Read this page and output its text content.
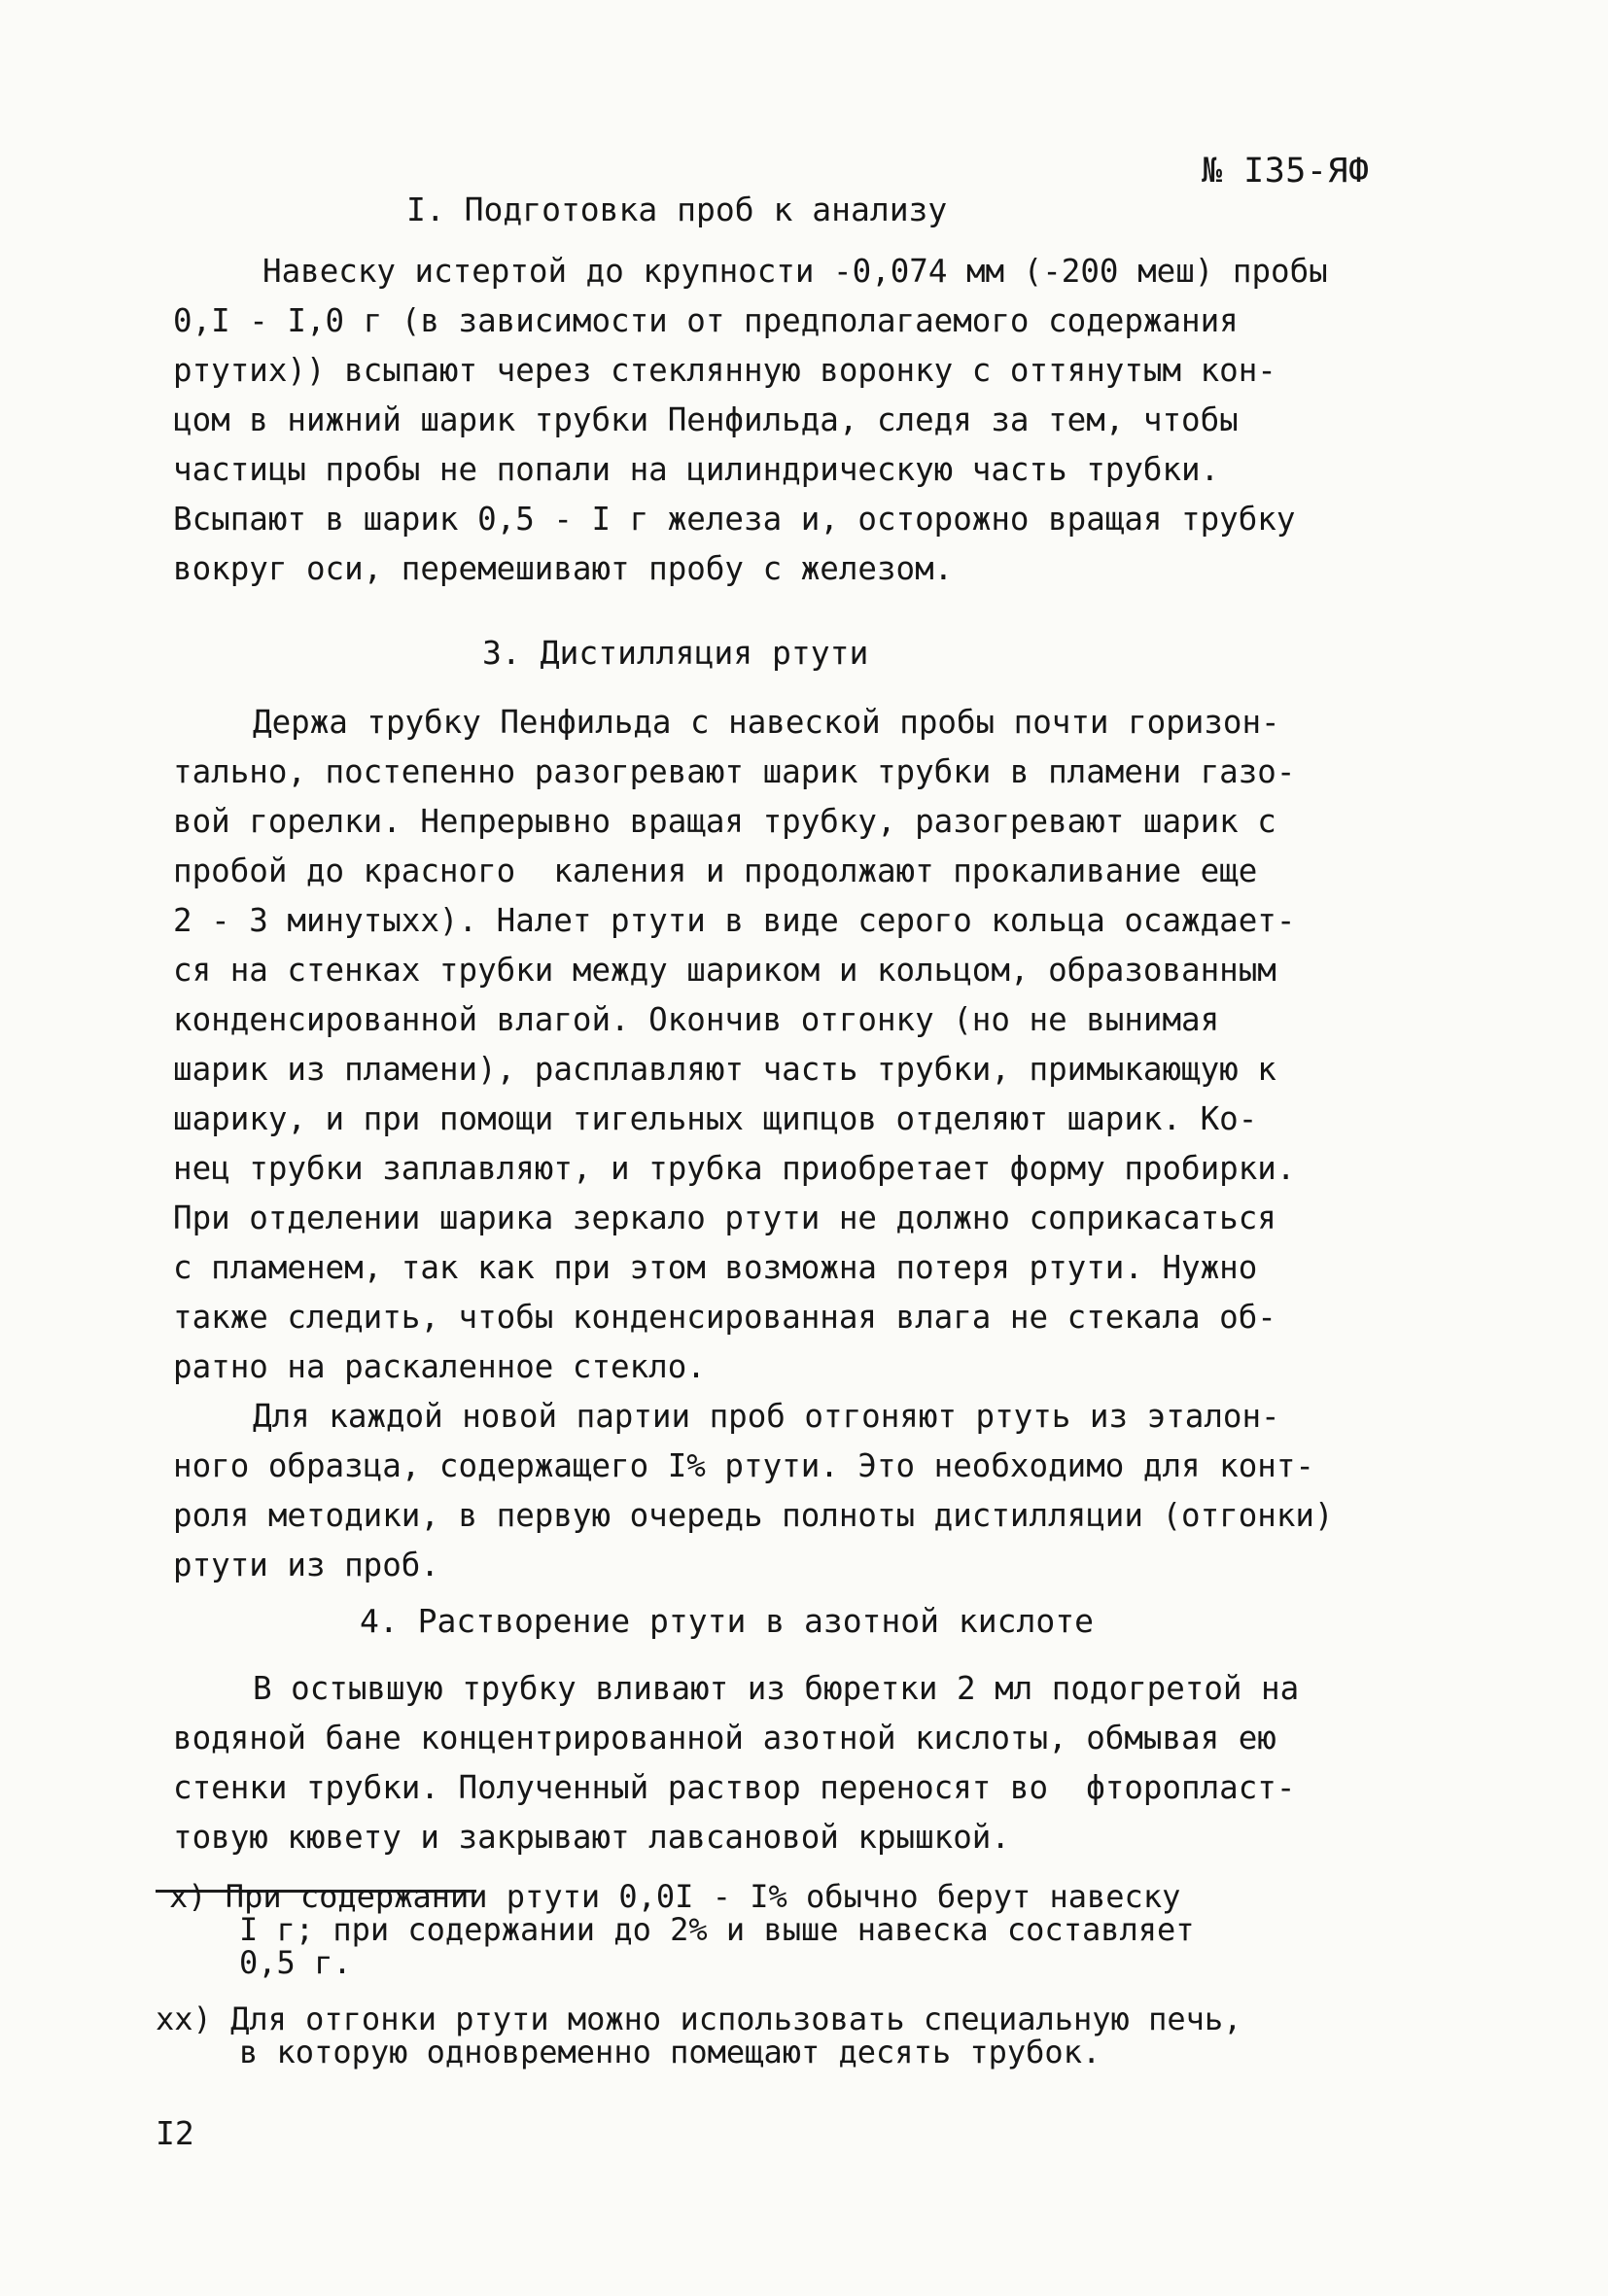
№ I35-ЯФ
I. Подготовка проб к анализу
Навеску истертой до крупности -0,074 мм (-200 меш) пробы
0,I - I,0 г (в зависимости от предполагаемого содержания
ртутиx)) всыпают через стеклянную воронку с оттянутым кон-
цом в нижний шарик трубки Пенфильда, следя за тем, чтобы
частицы пробы не попали на цилиндрическую часть трубки.
Всыпают в шарик 0,5 - I г железа и, осторожно вращая трубку
вокруг оси, перемешивают пробу с железом.
3. Дистилляция ртути
Держа трубку Пенфильда с навеской пробы почти горизон-
тально, постепенно разогревают шарик трубки в пламени газо-
вой горелки. Непрерывно вращая трубку, разогревают шарик с
пробой до красного  каления и продолжают прокаливание еще
2 - 3 минутыxx). Налет ртути в виде серого кольца осаждает-
ся на стенках трубки между шариком и кольцом, образованным
конденсированной влагой. Окончив отгонку (но не вынимая
шарик из пламени), расплавляют часть трубки, примыкающую к
шарику, и при помощи тигельных щипцов отделяют шарик. Ко-
нец трубки заплавляют, и трубка приобретает форму пробирки.
При отделении шарика зеркало ртути не должно соприкасаться
с пламенем, так как при этом возможна потеря ртути. Нужно
также следить, чтобы конденсированная влага не стекала об-
ратно на раскаленное стекло.
Для каждой новой партии проб отгоняют ртуть из эталон-
ного образца, содержащего I% ртути. Это необходимо для конт-
роля методики, в первую очередь полноты дистилляции (отгонки)
ртути из проб.
4. Растворение ртути в азотной кислоте
В остывшую трубку вливают из бюретки 2 мл подогретой на
водяной бане концентрированной азотной кислоты, обмывая ею
стенки трубки. Полученный раствор переносят во  фторопласт-
товую кювету и закрывают лавсановой крышкой.
x) При содержании ртути 0,0I - I% обычно берут навеску
I г; при содержании до 2% и выше навеска составляет
0,5 г.
xx) Для отгонки ртути можно использовать специальную печь,
в которую одновременно помещают десять трубок.
I2
